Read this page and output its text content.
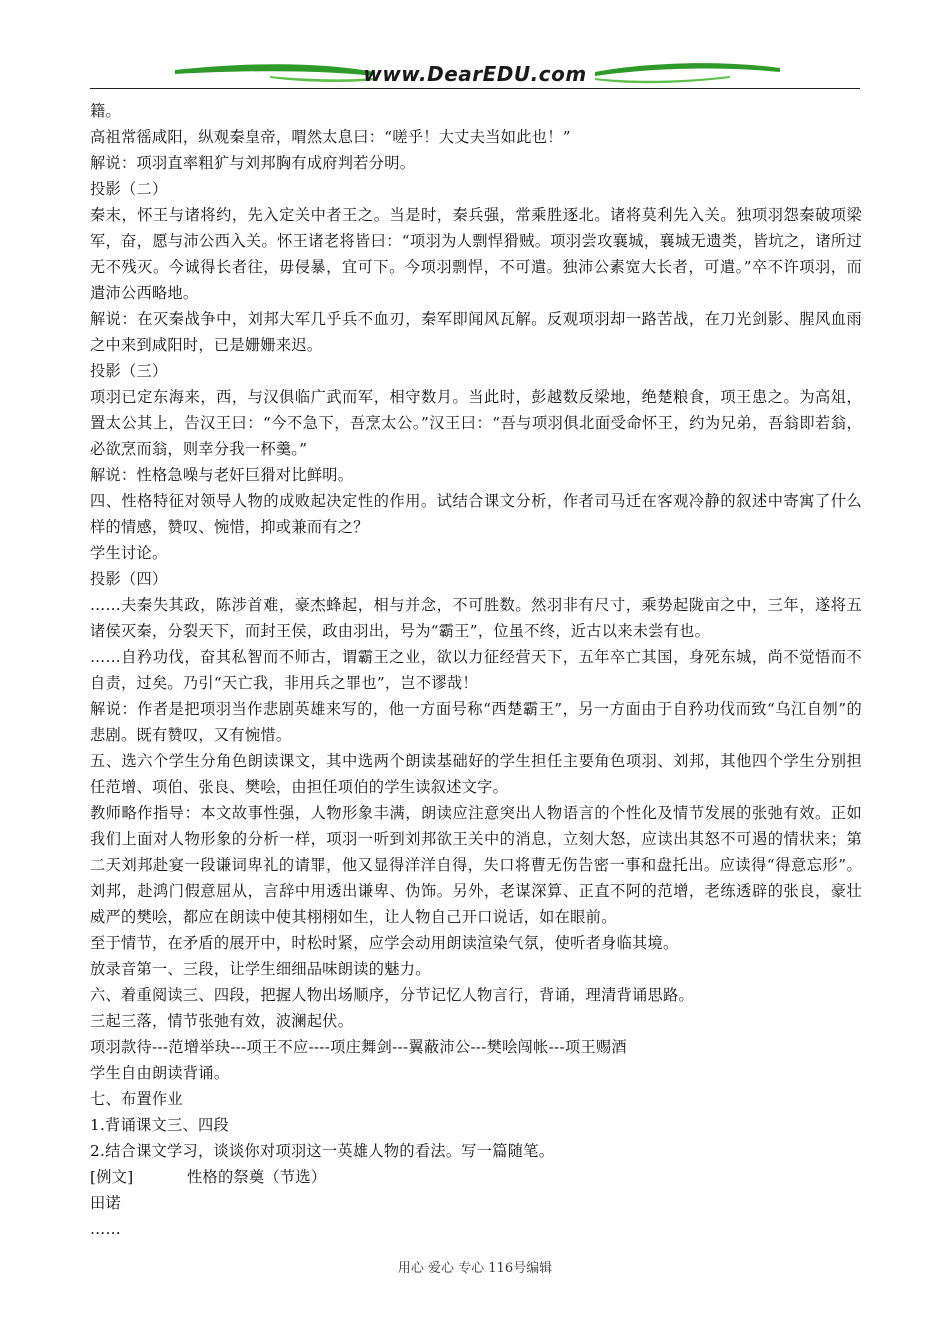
www.DearEDU.com

籍。

高祖常徭咸阳，纵观秦皇帝，喟然太息曰：“嗟乎！大丈夫当如此也！”

解说：项羽直率粗犷与刘邦胸有成府判若分明。

投影（二）

秦末，怀王与诸将约，先入定关中者王之。当是时，秦兵强，常乘胜逐北。诸将莫利先入关。独项羽怨秦破项梁军，奋，愿与沛公西入关。怀王诸老将皆曰：“项羽为人剽悍猾贼。项羽尝攻襄城，襄城无遗类，皆坑之，诸所过无不残灭。今诚得长者往，毋侵暴，宜可下。今项羽剽悍，不可遣。独沛公素宽大长者，可遣。”卒不许项羽，而遣沛公西略地。

解说：在灭秦战争中，刘邦大军几乎兵不血刃，秦军即闻风瓦解。反观项羽却一路苦战，在刀光剑影、腥风血雨之中来到咸阳时，已是姗姗来迟。

投影（三）

项羽已定东海来，西，与汉俱临广武而军，相守数月。当此时，彭越数反梁地，绝楚粮食，项王患之。为高俎，置太公其上，告汉王曰：“今不急下，吾烹太公。”汉王曰：“吾与项羽俱北面受命怀王，约为兄弟，吾翁即若翁，必欲烹而翁，则幸分我一杯羹。”

解说：性格急噪与老奸巨猾对比鲜明。

四、性格特征对领导人物的成败起决定性的作用。试结合课文分析，作者司马迁在客观冷静的叙述中寄寓了什么样的情感，赞叹、惋惜，抑或兼而有之？

学生讨论。

投影（四）

……夫秦失其政，陈涉首难，豪杰蜂起，相与并念，不可胜数。然羽非有尺寸，乘势起陇亩之中，三年，遂将五诸侯灭秦，分裂天下，而封王侯，政由羽出，号为“霸王”，位虽不终，近古以来未尝有也。

……自矜功伐，奋其私智而不师古，谓霸王之业，欲以力征经营天下，五年卒亡其国，身死东城，尚不觉悟而不自责，过矣。乃引“天亡我，非用兵之罪也”，岂不谬哉！

解说：作者是把项羽当作悲剧英雄来写的，他一方面号称“西楚霸王”，另一方面由于自矜功伐而致“乌江自刎”的悲剧。既有赞叹，又有惋惜。

五、选六个学生分角色朗读课文，其中选两个朗读基础好的学生担任主要角色项羽、刘邦，其他四个学生分别担任范增、项伯、张良、樊哙，由担任项伯的学生读叙述文字。

教师略作指导：本文故事性强，人物形象丰满，朗读应注意突出人物语言的个性化及情节发展的张弛有效。正如我们上面对人物形象的分析一样，项羽一听到刘邦欲王关中的消息，立刻大怒，应读出其怒不可遏的情状来；第二天刘邦赴宴一段谦词卑礼的请罪，他又显得洋洋自得，失口将曹无伤告密一事和盘托出。应读得“得意忘形”。刘邦，赴鸿门假意屈从，言辞中用透出谦卑、伪饰。另外，老谋深算、正直不阿的范增，老练透辟的张良，豪壮威严的樊哙，都应在朗读中使其栩栩如生，让人物自己开口说话，如在眼前。

至于情节，在矛盾的展开中，时松时紧，应学会动用朗读渲染气氛，使听者身临其境。

放录音第一、三段，让学生细细品味朗读的魅力。

六、着重阅读三、四段，把握人物出场顺序，分节记忆人物言行，背诵，理清背诵思路。

三起三落，情节张弛有效，波澜起伏。

项羽款待---范增举玦---项王不应----项庄舞剑---翼蔽沛公---樊哙闯帐---项王赐酒

学生自由朗读背诵。

七、布置作业

1.背诵课文三、四段

2.结合课文学习，谈谈你对项羽这一英雄人物的看法。写一篇随笔。

[例文]	性格的祭奠（节选）

田诺

……

用心 爱心 专心 116号编辑
